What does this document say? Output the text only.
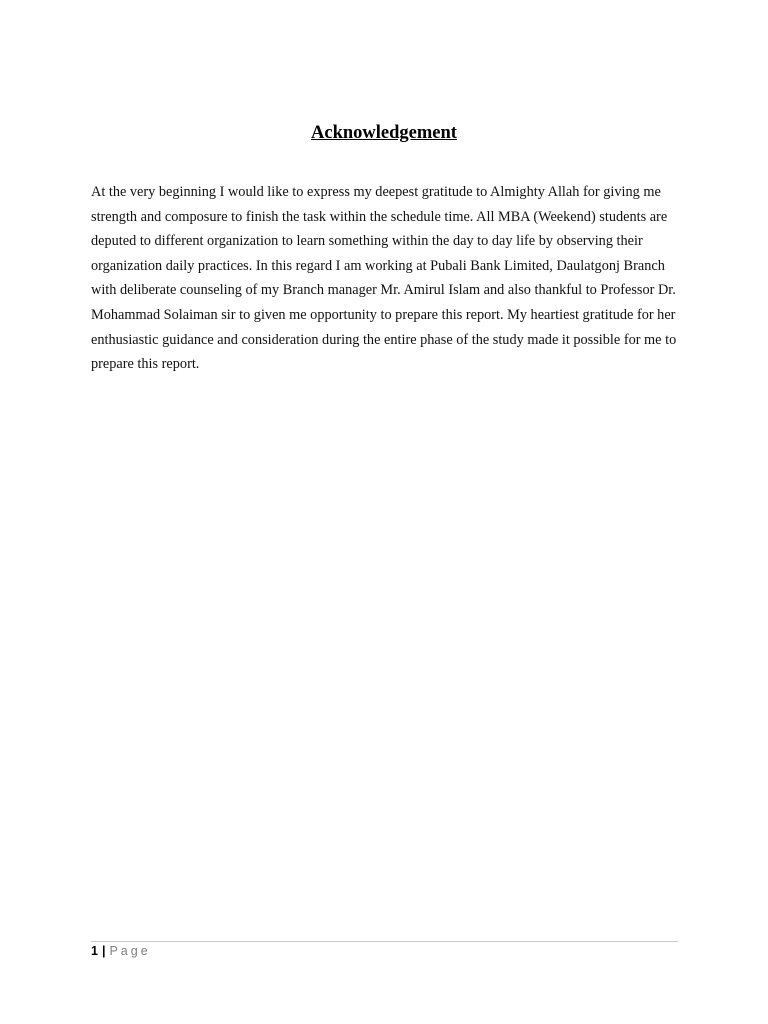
Acknowledgement

At the very beginning I would like to express my deepest gratitude to Almighty Allah for giving me strength and composure to finish the task within the schedule time. All MBA (Weekend) students are deputed to different organization to learn something within the day to day life by observing their organization daily practices. In this regard I am working at Pubali Bank Limited, Daulatgonj Branch with deliberate counseling of my Branch manager Mr. Amirul Islam and also thankful to Professor Dr. Mohammad Solaiman sir to given me opportunity to prepare this report. My heartiest gratitude for her enthusiastic guidance and consideration during the entire phase of the study made it possible for me to prepare this report.

1 | Page
